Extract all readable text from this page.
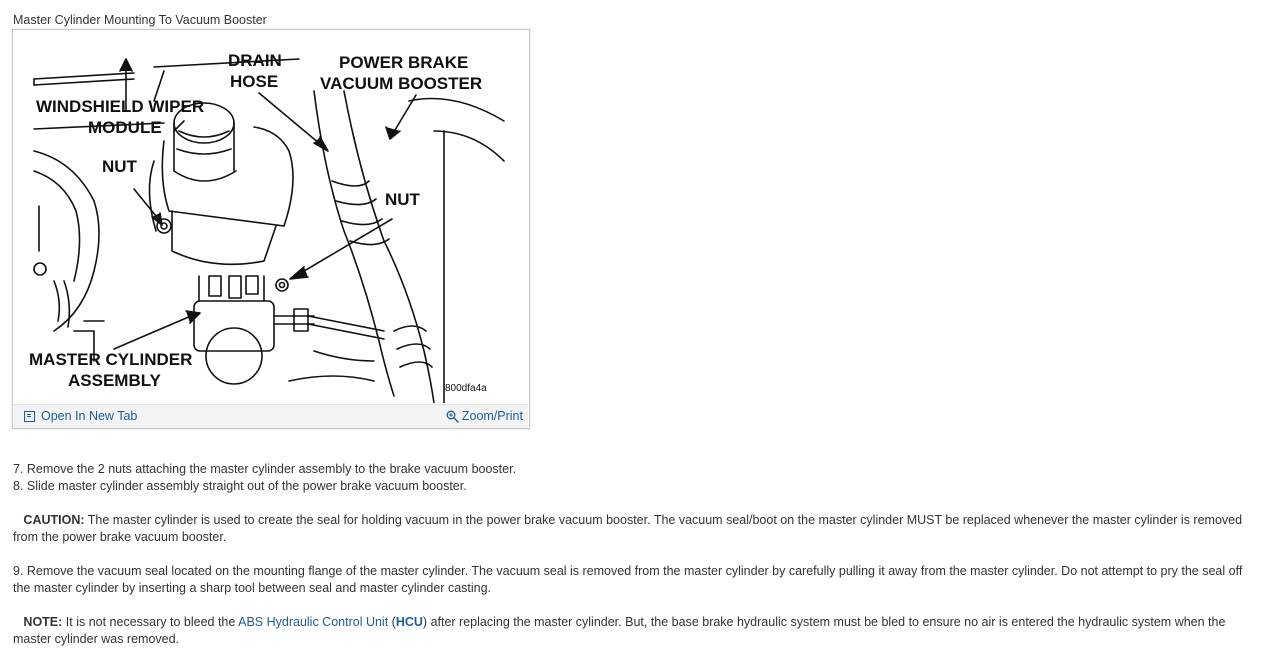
Master Cylinder Mounting To Vacuum Booster
DRAIN
HOSE
POWER BRAKE
VACUUM BOOSTER
WINDSHIELD WIPER
MODULE
NUT
NUT
MASTER CYLINDER
ASSEMBLY	800dfa4a
Open In New Tab	Zoom/Print

7. Remove the 2 nuts attaching the master cylinder assembly to the brake vacuum booster.

8. Slide master cylinder assembly straight out of the power brake vacuum booster.

CAUTION: The master cylinder is used to create the seal for holding vacuum in the power brake vacuum booster. The vacuum seal/boot on the master cylinder MUST be replaced whenever the master cylinder is removed from the power brake vacuum booster.

9. Remove the vacuum seal located on the mounting flange of the master cylinder. The vacuum seal is removed from the master cylinder by carefully pulling it away from the master cylinder. Do not attempt to pry the seal off the master cylinder by inserting a sharp tool between seal and master cylinder casting.

NOTE: It is not necessary to bleed the ABS Hydraulic Control Unit (HCU) after replacing the master cylinder. But, the base brake hydraulic system must be bled to ensure no air is entered the hydraulic system when the master cylinder was removed.
